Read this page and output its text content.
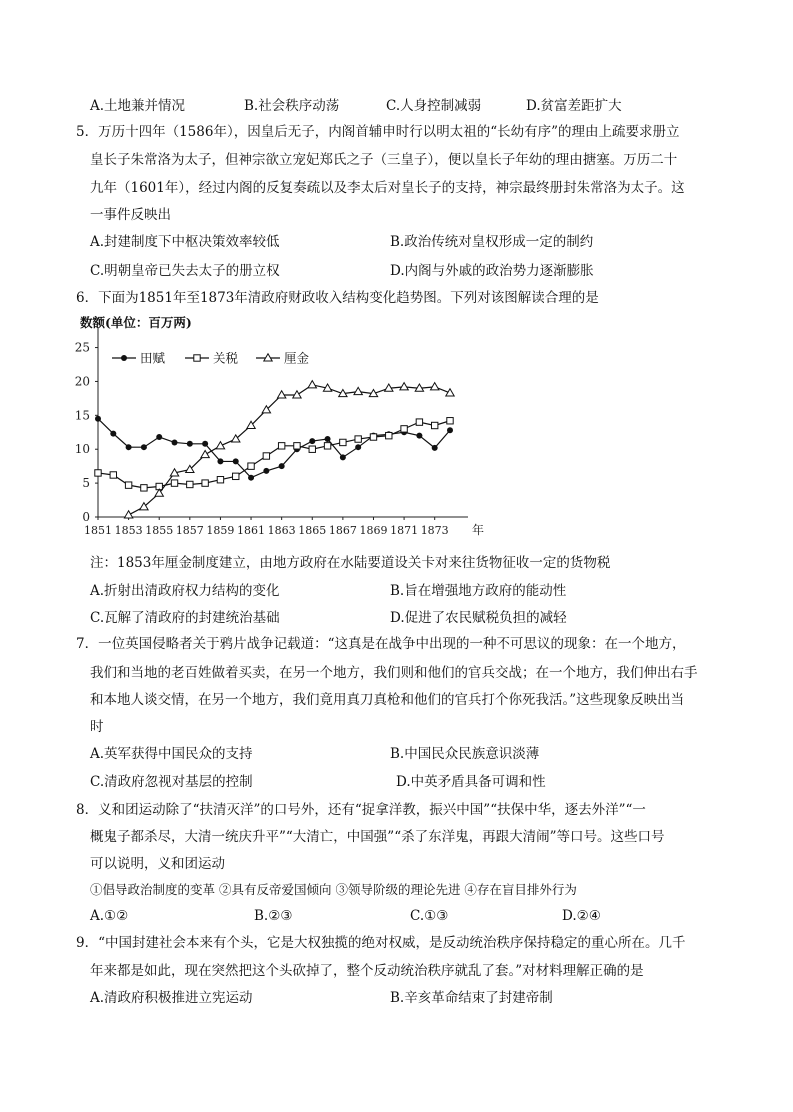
A.土地兼并情况	B.社会秩序动荡	C.人身控制减弱	D.贫富差距扩大
5．万历十四年（1586年），因皇后无子，内阁首辅申时行以明太祖的“长幼有序”的理由上疏要求册立
皇长子朱常洛为太子，但神宗欲立宠妃郑氏之子（三皇子），便以皇长子年幼的理由搪塞。万历二十
九年（1601年），经过内阁的反复奏疏以及李太后对皇长子的支持，神宗最终册封朱常洛为太子。这
一事件反映出
A.封建制度下中枢决策效率较低	B.政治传统对皇权形成一定的制约
C.明朝皇帝已失去太子的册立权	D.内阁与外戚的政治势力逐渐膨胀
6．下面为1851年至1873年清政府财政收入结构变化趋势图。下列对该图解读合理的是
数额(单位：百万两)
0
5
10
15
20
25
1851 1853 1855 1857 1859 1861 1863 1865 1867 1869 1871 1873 年
田赋	关税	厘金
注：1853年厘金制度建立，由地方政府在水陆要道设关卡对来往货物征收一定的货物税
A.折射出清政府权力结构的变化	B.旨在增强地方政府的能动性
C.瓦解了清政府的封建统治基础	D.促进了农民赋税负担的减轻
7．一位英国侵略者关于鸦片战争记载道：“这真是在战争中出现的一种不可思议的现象：在一个地方，
我们和当地的老百姓做着买卖，在另一个地方，我们则和他们的官兵交战；在一个地方，我们伸出右手
和本地人谈交情，在另一个地方，我们竟用真刀真枪和他们的官兵打个你死我活。”这些现象反映出当
时
A.英军获得中国民众的支持	B.中国民众民族意识淡薄
C.清政府忽视对基层的控制	D.中英矛盾具备可调和性
8．义和团运动除了“扶清灭洋”的口号外，还有“捉拿洋教，振兴中国”“扶保中华，逐去外洋”“一
概鬼子都杀尽，大清一统庆升平”“大清亡，中国强”“杀了东洋鬼，再跟大清闹”等口号。这些口号
可以说明，义和团运动
①倡导政治制度的变革 ②具有反帝爱国倾向 ③领导阶级的理论先进 ④存在盲目排外行为
A.①②	B.②③	C.①③	D.②④
9．“中国封建社会本来有个头，它是大权独揽的绝对权威，是反动统治秩序保持稳定的重心所在。几千
年来都是如此，现在突然把这个头砍掉了，整个反动统治秩序就乱了套。”对材料理解正确的是
A.清政府积极推进立宪运动	B.辛亥革命结束了封建帝制
